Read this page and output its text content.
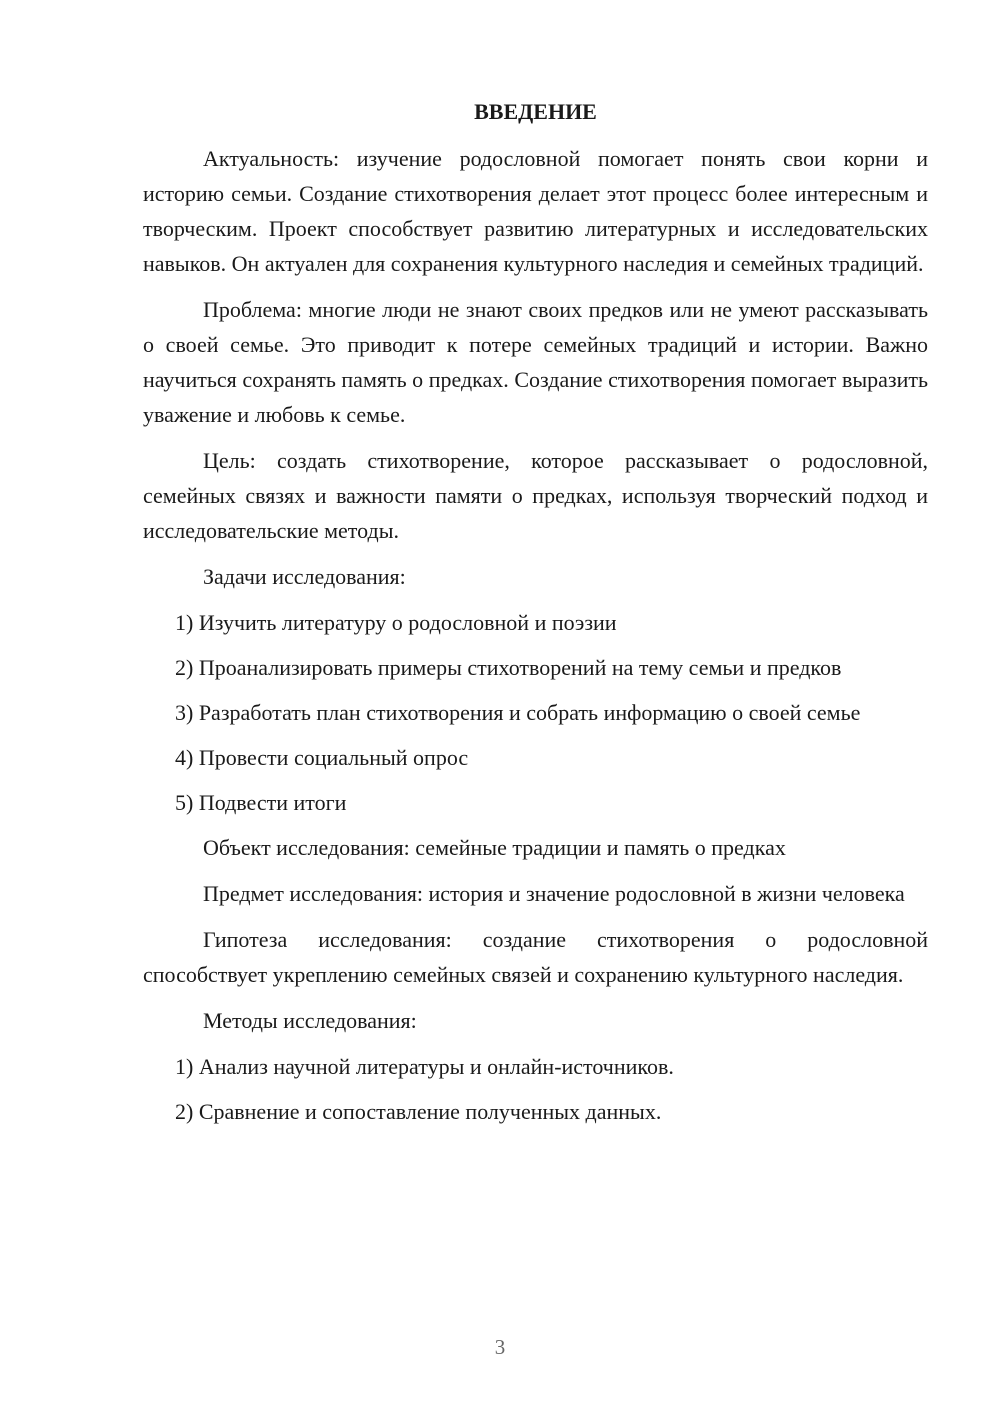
ВВЕДЕНИЕ

Актуальность: изучение родословной помогает понять свои корни и историю семьи. Создание стихотворения делает этот процесс более интересным и творческим. Проект способствует развитию литературных и исследовательских навыков. Он актуален для сохранения культурного наследия и семейных традиций.

Проблема: многие люди не знают своих предков или не умеют рассказывать о своей семье. Это приводит к потере семейных традиций и истории. Важно научиться сохранять память о предках. Создание стихотворения помогает выразить уважение и любовь к семье.

Цель: создать стихотворение, которое рассказывает о родословной, семейных связях и важности памяти о предках, используя творческий подход и исследовательские методы.

Задачи исследования:

1) Изучить литературу о родословной и поэзии

2) Проанализировать примеры стихотворений на тему семьи и предков

3) Разработать план стихотворения и собрать информацию о своей семье

4) Провести социальный опрос

5) Подвести итоги

Объект исследования: семейные традиции и память о предках

Предмет исследования: история и значение родословной в жизни человека

Гипотеза исследования: создание стихотворения о родословной способствует укреплению семейных связей и сохранению культурного наследия.

Методы исследования:

1) Анализ научной литературы и онлайн-источников.

2) Сравнение и сопоставление полученных данных.

3
